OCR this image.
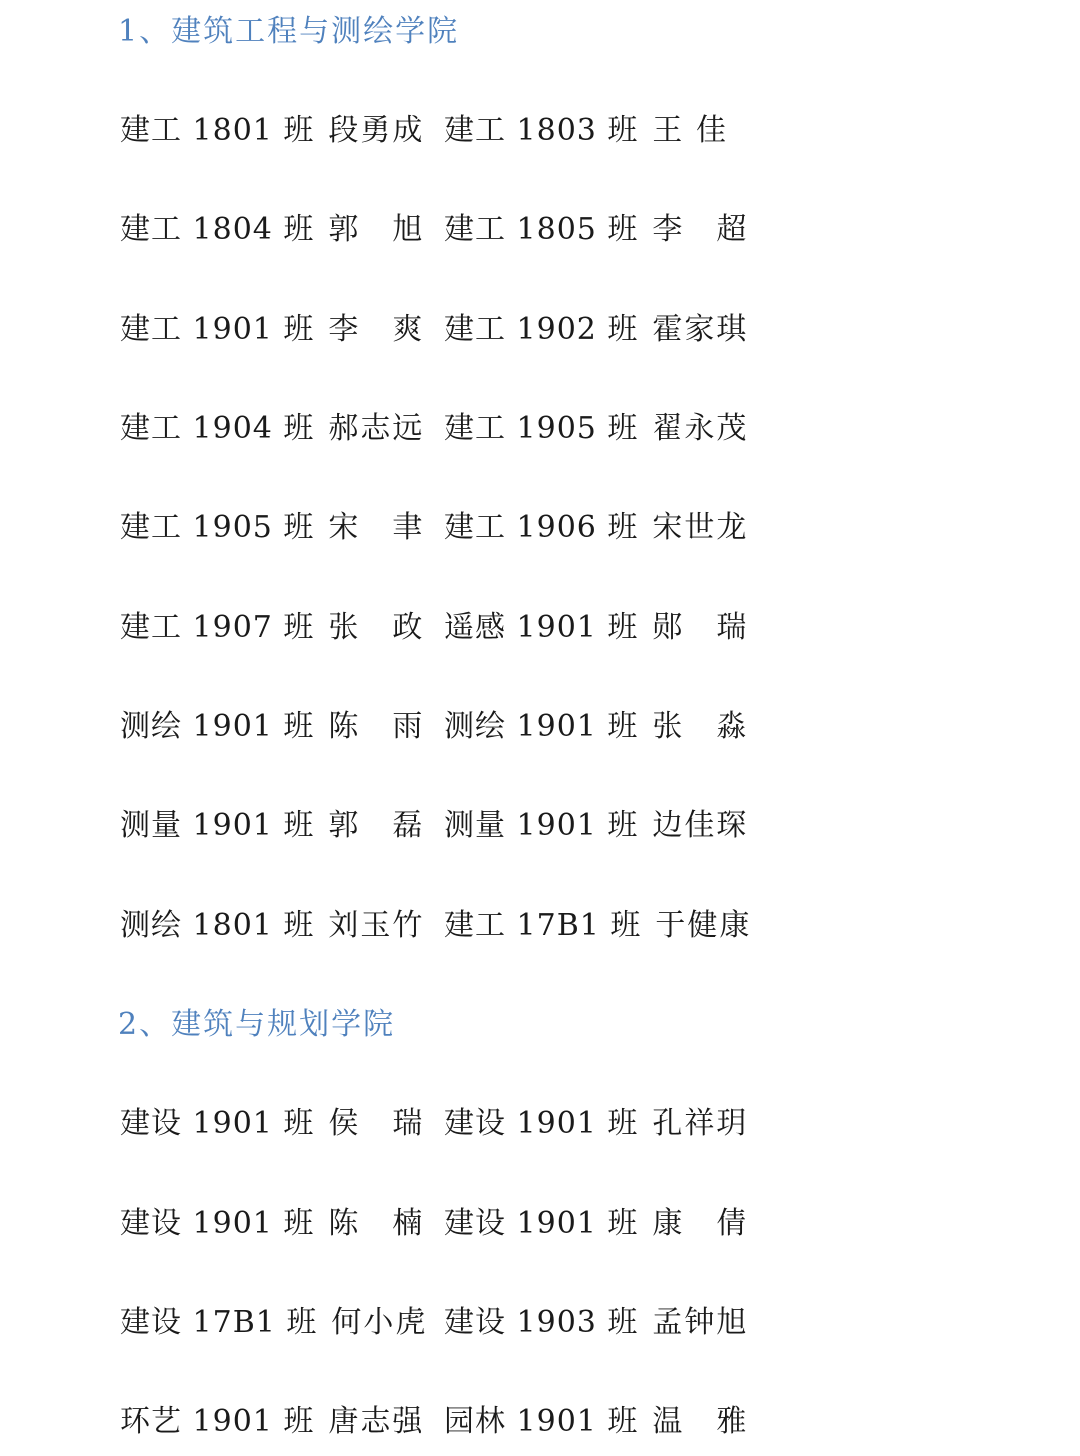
1、建筑工程与测绘学院
建工 1801 班 段勇成 建工 1803 班 王 佳
建工 1804 班 郭　旭 建工 1805 班 李　超
建工 1901 班 李　爽 建工 1902 班 霍家琪
建工 1904 班 郝志远 建工 1905 班 翟永茂
建工 1905 班 宋　聿 建工 1906 班 宋世龙
建工 1907 班 张　政 遥感 1901 班 郧　瑞
测绘 1901 班 陈　雨 测绘 1901 班 张　淼
测量 1901 班 郭　磊 测量 1901 班 边佳琛
测绘 1801 班 刘玉竹 建工 17B1 班 于健康
2、建筑与规划学院
建设 1901 班 侯　瑞 建设 1901 班 孔祥玥
建设 1901 班 陈　楠 建设 1901 班 康　倩
建设 17B1 班 何小虎 建设 1903 班 孟钟旭
环艺 1901 班 唐志强 园林 1901 班 温　雅
